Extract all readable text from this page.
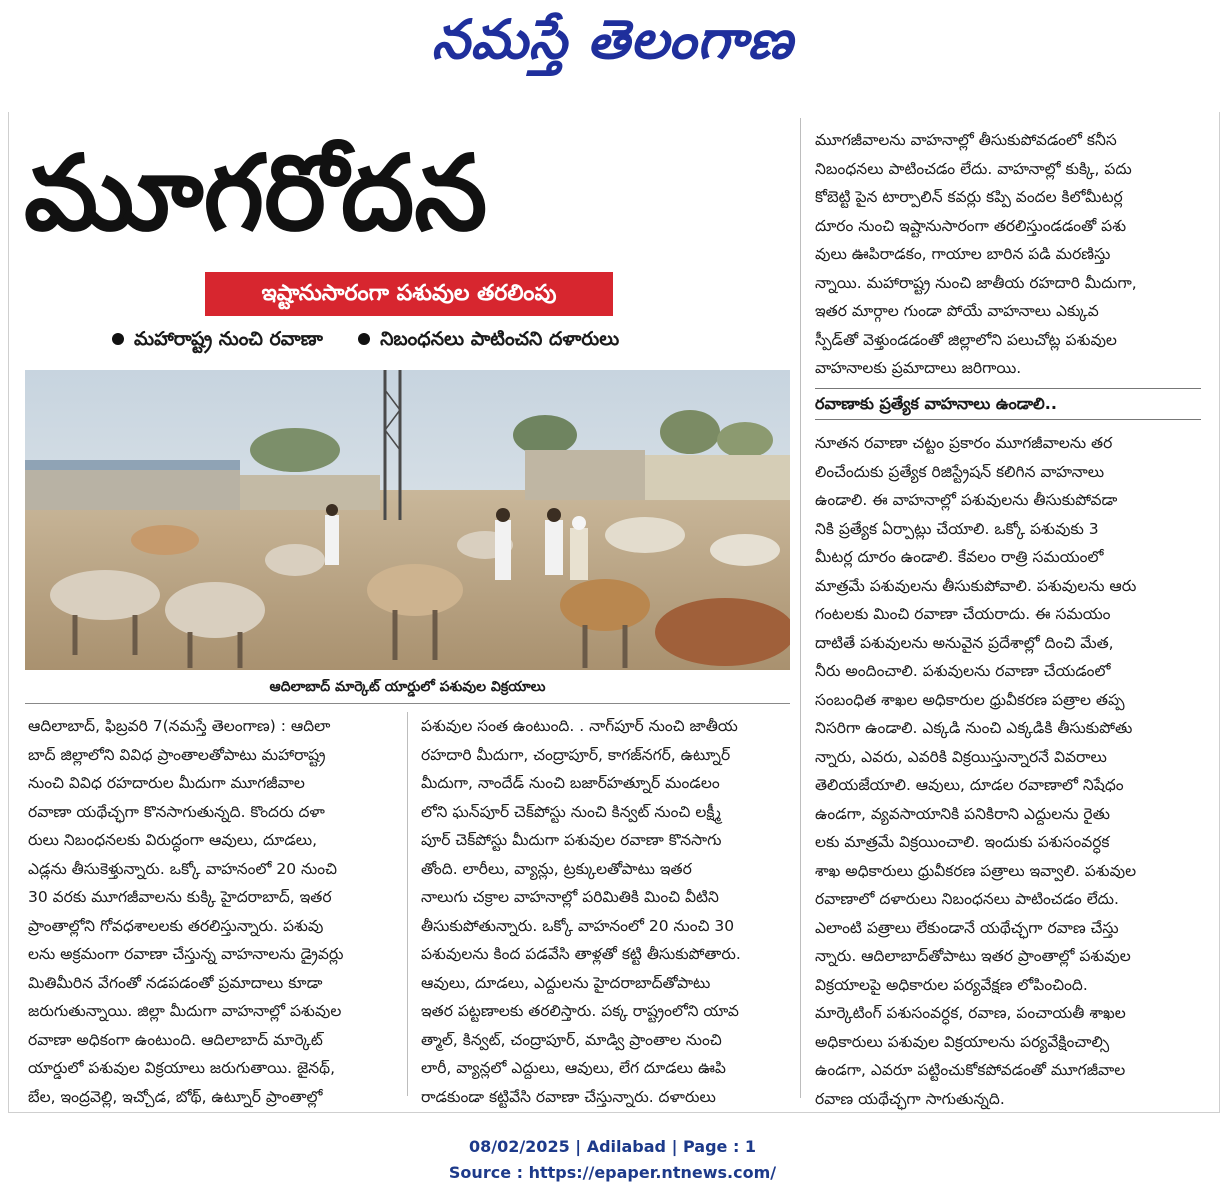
నమస్తే తెలంగాణ
మూగరోదన
ఇష్టానుసారంగా పశువుల తరలింపు
మహారాష్ట్ర నుంచి రవాణా	నిబంధనలు పాటించని దళారులు
ఆదిలాబాద్ మార్కెట్ యార్డులో పశువుల విక్రయాలు
ఆదిలాబాద్, ఫిబ్రవరి 7(నమస్తే తెలంగాణ) : ఆదిలా
బాద్ జిల్లాలోని వివిధ ప్రాంతాలతోపాటు మహారాష్ట్ర
నుంచి వివిధ రహదారుల మీదుగా మూగజీవాల
రవాణా యథేచ్ఛగా కొనసాగుతున్నది. కొందరు దళా
రులు నిబంధనలకు విరుద్ధంగా ఆవులు, దూడలు,
ఎడ్లను తీసుకెళ్తున్నారు. ఒక్కో వాహనంలో 20 నుంచి
30 వరకు మూగజీవాలను కుక్కి హైదరాబాద్, ఇతర
ప్రాంతాల్లోని గోవధశాలలకు తరలిస్తున్నారు. పశువు
లను అక్రమంగా రవాణా చేస్తున్న వాహనాలను డ్రైవర్లు
మితిమీరిన వేగంతో నడపడంతో ప్రమాదాలు కూడా
జరుగుతున్నాయి. జిల్లా మీదుగా వాహనాల్లో పశువుల
రవాణా అధికంగా ఉంటుంది. ఆదిలాబాద్ మార్కెట్
యార్డులో పశువుల విక్రయాలు జరుగుతాయి. జైనథ్,
బేల, ఇంద్రవెల్లి, ఇచ్చోడ, బోథ్, ఉట్నూర్ ప్రాంతాల్లో
పశువుల సంత ఉంటుంది. . నాగ్‌పూర్ నుంచి జాతీయ
రహదారి మీదుగా, చంద్రాపూర్, కాగజ్‌నగర్, ఉట్నూర్
మీదుగా, నాందేడ్ నుంచి బజార్‌హత్నూర్ మండలం
లోని ఘన్‌పూర్ చెక్‌పోస్టు నుంచి కిన్వట్ నుంచి లక్ష్మీ
పూర్ చెక్‌పోస్టు మీదుగా పశువుల రవాణా కొనసాగు
తోంది. లారీలు, వ్యాన్లు, ట్రక్కులతోపాటు ఇతర
నాలుగు చక్రాల వాహనాల్లో పరిమితికి మించి వీటిని
తీసుకుపోతున్నారు. ఒక్కో వాహనంలో 20 నుంచి 30
పశువులను కింద పడవేసి తాళ్లతో కట్టి తీసుకుపోతారు.
ఆవులు, దూడలు, ఎద్దులను హైదరాబాద్‌తోపాటు
ఇతర పట్టణాలకు తరలిస్తారు. పక్క రాష్ట్రంలోని యావ
త్మాల్, కిన్వట్, చంద్రాపూర్, మాడ్వి ప్రాంతాల నుంచి
లారీ, వ్యాన్లలో ఎద్దులు, ఆవులు, లేగ దూడలు ఊపి
రాడకుండా కట్టివేసి రవాణా చేస్తున్నారు. దళారులు
మూగజీవాలను వాహనాల్లో తీసుకుపోవడంలో కనీస
నిబంధనలు పాటించడం లేదు. వాహనాల్లో కుక్కి, పదు
కోబెట్టి పైన టార్పాలిన్ కవర్లు కప్పి వందల కిలోమీటర్ల
దూరం నుంచి ఇష్టానుసారంగా తరలిస్తుండడంతో పశు
వులు ఊపిరాడకం, గాయాల బారిన పడి మరణిస్తు
న్నాయి. మహారాష్ట్ర నుంచి జాతీయ రహదారి మీదుగా,
ఇతర మార్గాల గుండా పోయే వాహనాలు ఎక్కువ
స్పీడ్‌తో వెళ్తుండడంతో జిల్లాలోని పలుచోట్ల పశువుల
వాహనాలకు ప్రమాదాలు జరిగాయి.
రవాణాకు ప్రత్యేక వాహనాలు ఉండాలి..
నూతన రవాణా చట్టం ప్రకారం మూగజీవాలను తర
లించేందుకు ప్రత్యేక రిజిస్ట్రేషన్ కలిగిన వాహనాలు
ఉండాలి. ఈ వాహనాల్లో పశువులను తీసుకుపోవడా
నికి ప్రత్యేక ఏర్పాట్లు చేయాలి. ఒక్కో పశువుకు 3
మీటర్ల దూరం ఉండాలి. కేవలం రాత్రి సమయంలో
మాత్రమే పశువులను తీసుకుపోవాలి. పశువులను ఆరు
గంటలకు మించి రవాణా చేయరాదు. ఈ సమయం
దాటితే పశువులను అనువైన ప్రదేశాల్లో దించి మేత,
నీరు అందించాలి. పశువులను రవాణా చేయడంలో
సంబంధిత శాఖల అధికారుల ధ్రువీకరణ పత్రాల తప్ప
నిసరిగా ఉండాలి. ఎక్కడి నుంచి ఎక్కడికి తీసుకుపోతు
న్నారు, ఎవరు, ఎవరికి విక్రయిస్తున్నారనే వివరాలు
తెలియజేయాలి. ఆవులు, దూడల రవాణాలో నిషేధం
ఉండగా, వ్యవసాయానికి పనికిరాని ఎద్దులను రైతు
లకు మాత్రమే విక్రయించాలి. ఇందుకు పశుసంవర్ధక
శాఖ అధికారులు ధ్రువీకరణ పత్రాలు ఇవ్వాలి. పశువుల
రవాణాలో దళారులు నిబంధనలు పాటించడం లేదు.
ఎలాంటి పత్రాలు లేకుండానే యథేచ్ఛగా రవాణ చేస్తు
న్నారు. ఆదిలాబాద్‌తోపాటు ఇతర ప్రాంతాల్లో పశువుల
విక్రయాలపై అధికారుల పర్యవేక్షణ లోపించింది.
మార్కెటింగ్ పశుసంవర్ధక, రవాణ, పంచాయతీ శాఖల
అధికారులు పశువుల విక్రయాలను పర్యవేక్షించాల్సి
ఉండగా, ఎవరూ పట్టించుకోకపోవడంతో మూగజీవాల
రవాణ యథేచ్ఛగా సాగుతున్నది.
08/02/2025 | Adilabad | Page : 1
Source : https://epaper.ntnews.com/
